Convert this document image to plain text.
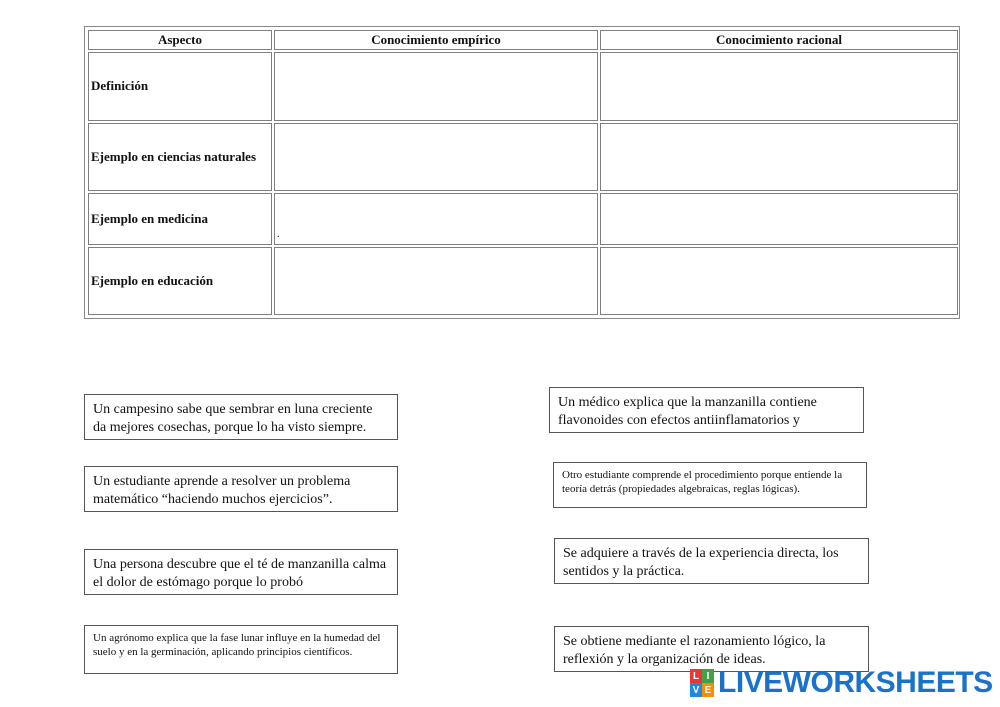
Aspecto	Conocimiento empírico	Conocimiento racional
Definición		
Ejemplo en ciencias naturales		
Ejemplo en medicina	$_.$	
Ejemplo en educación		
Un campesino sabe que sembrar en luna creciente da mejores cosechas, porque lo ha visto siempre.
Un estudiante aprende a resolver un problema matemático “haciendo muchos ejercicios”.
Una persona descubre que el té de manzanilla calma el dolor de estómago porque lo probó
Un agrónomo explica que la fase lunar influye en la humedad del suelo y en la germinación, aplicando principios científicos.
Un médico explica que la manzanilla contiene flavonoides con efectos antiinflamatorios y
Otro estudiante comprende el procedimiento porque entiende la teoría detrás (propiedades algebraicas, reglas lógicas).
Se adquiere a través de la experiencia directa, los sentidos y la práctica.
Se obtiene mediante el razonamiento lógico, la reflexión y la organización de ideas.
L I
V E LIVEWORKSHEETS
